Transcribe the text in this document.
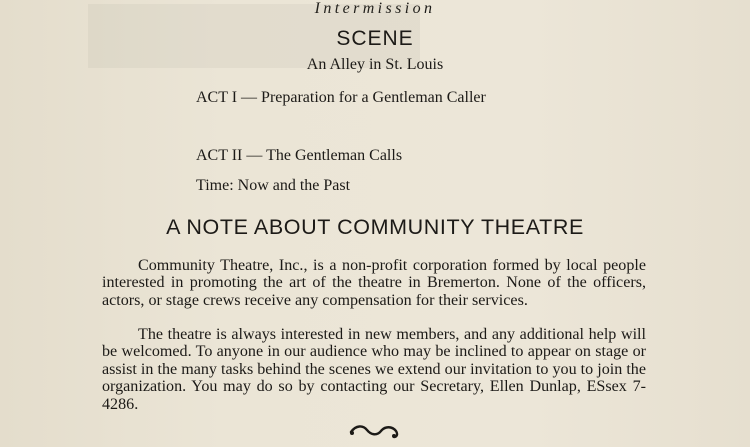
SCENE
An Alley in St. Louis
ACT I — Preparation for a Gentleman Caller
Intermission
ACT II — The Gentleman Calls
Time: Now and the Past
A NOTE ABOUT COMMUNITY THEATRE
Community Theatre, Inc., is a non-profit corporation formed by local people interested in promoting the art of the theatre in Bremerton. None of the officers, actors, or stage crews receive any compensation for their services.
The theatre is always interested in new members, and any additional help will be welcomed. To anyone in our audience who may be inclined to appear on stage or assist in the many tasks behind the scenes we extend our invitation to you to join the organization. You may do so by contacting our Secretary, Ellen Dunlap, ESsex 7-4286.
